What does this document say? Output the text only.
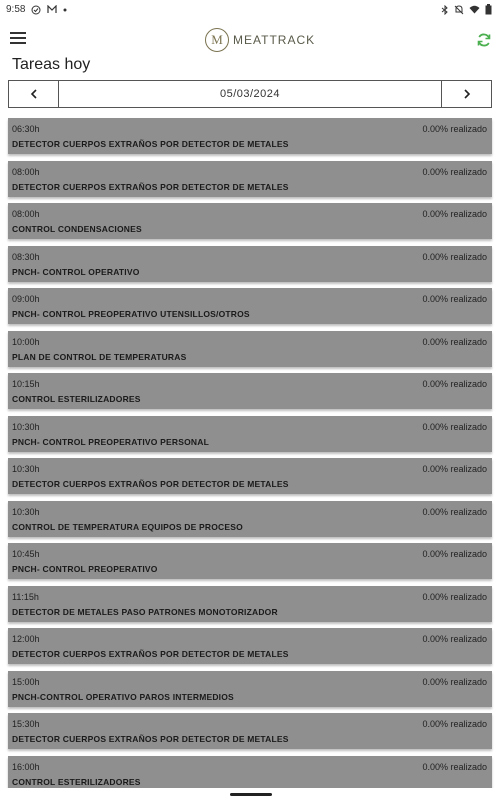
9:58
M MEATTRACK
Tareas hoy
05/03/2024
06:30h	0.00% realizado
DETECTOR CUERPOS EXTRAÑOS POR DETECTOR DE METALES
08:00h	0.00% realizado
DETECTOR CUERPOS EXTRAÑOS POR DETECTOR DE METALES
08:00h	0.00% realizado
CONTROL CONDENSACIONES
08:30h	0.00% realizado
PNCH- CONTROL OPERATIVO
09:00h	0.00% realizado
PNCH- CONTROL PREOPERATIVO UTENSILLOS/OTROS
10:00h	0.00% realizado
PLAN DE CONTROL DE TEMPERATURAS
10:15h	0.00% realizado
CONTROL ESTERILIZADORES
10:30h	0.00% realizado
PNCH- CONTROL PREOPERATIVO PERSONAL
10:30h	0.00% realizado
DETECTOR CUERPOS EXTRAÑOS POR DETECTOR DE METALES
10:30h	0.00% realizado
CONTROL DE TEMPERATURA EQUIPOS DE PROCESO
10:45h	0.00% realizado
PNCH- CONTROL PREOPERATIVO
11:15h	0.00% realizado
DETECTOR DE METALES PASO PATRONES MONOTORIZADOR
12:00h	0.00% realizado
DETECTOR CUERPOS EXTRAÑOS POR DETECTOR DE METALES
15:00h	0.00% realizado
PNCH-CONTROL OPERATIVO PAROS INTERMEDIOS
15:30h	0.00% realizado
DETECTOR CUERPOS EXTRAÑOS POR DETECTOR DE METALES
16:00h	0.00% realizado
CONTROL ESTERILIZADORES
